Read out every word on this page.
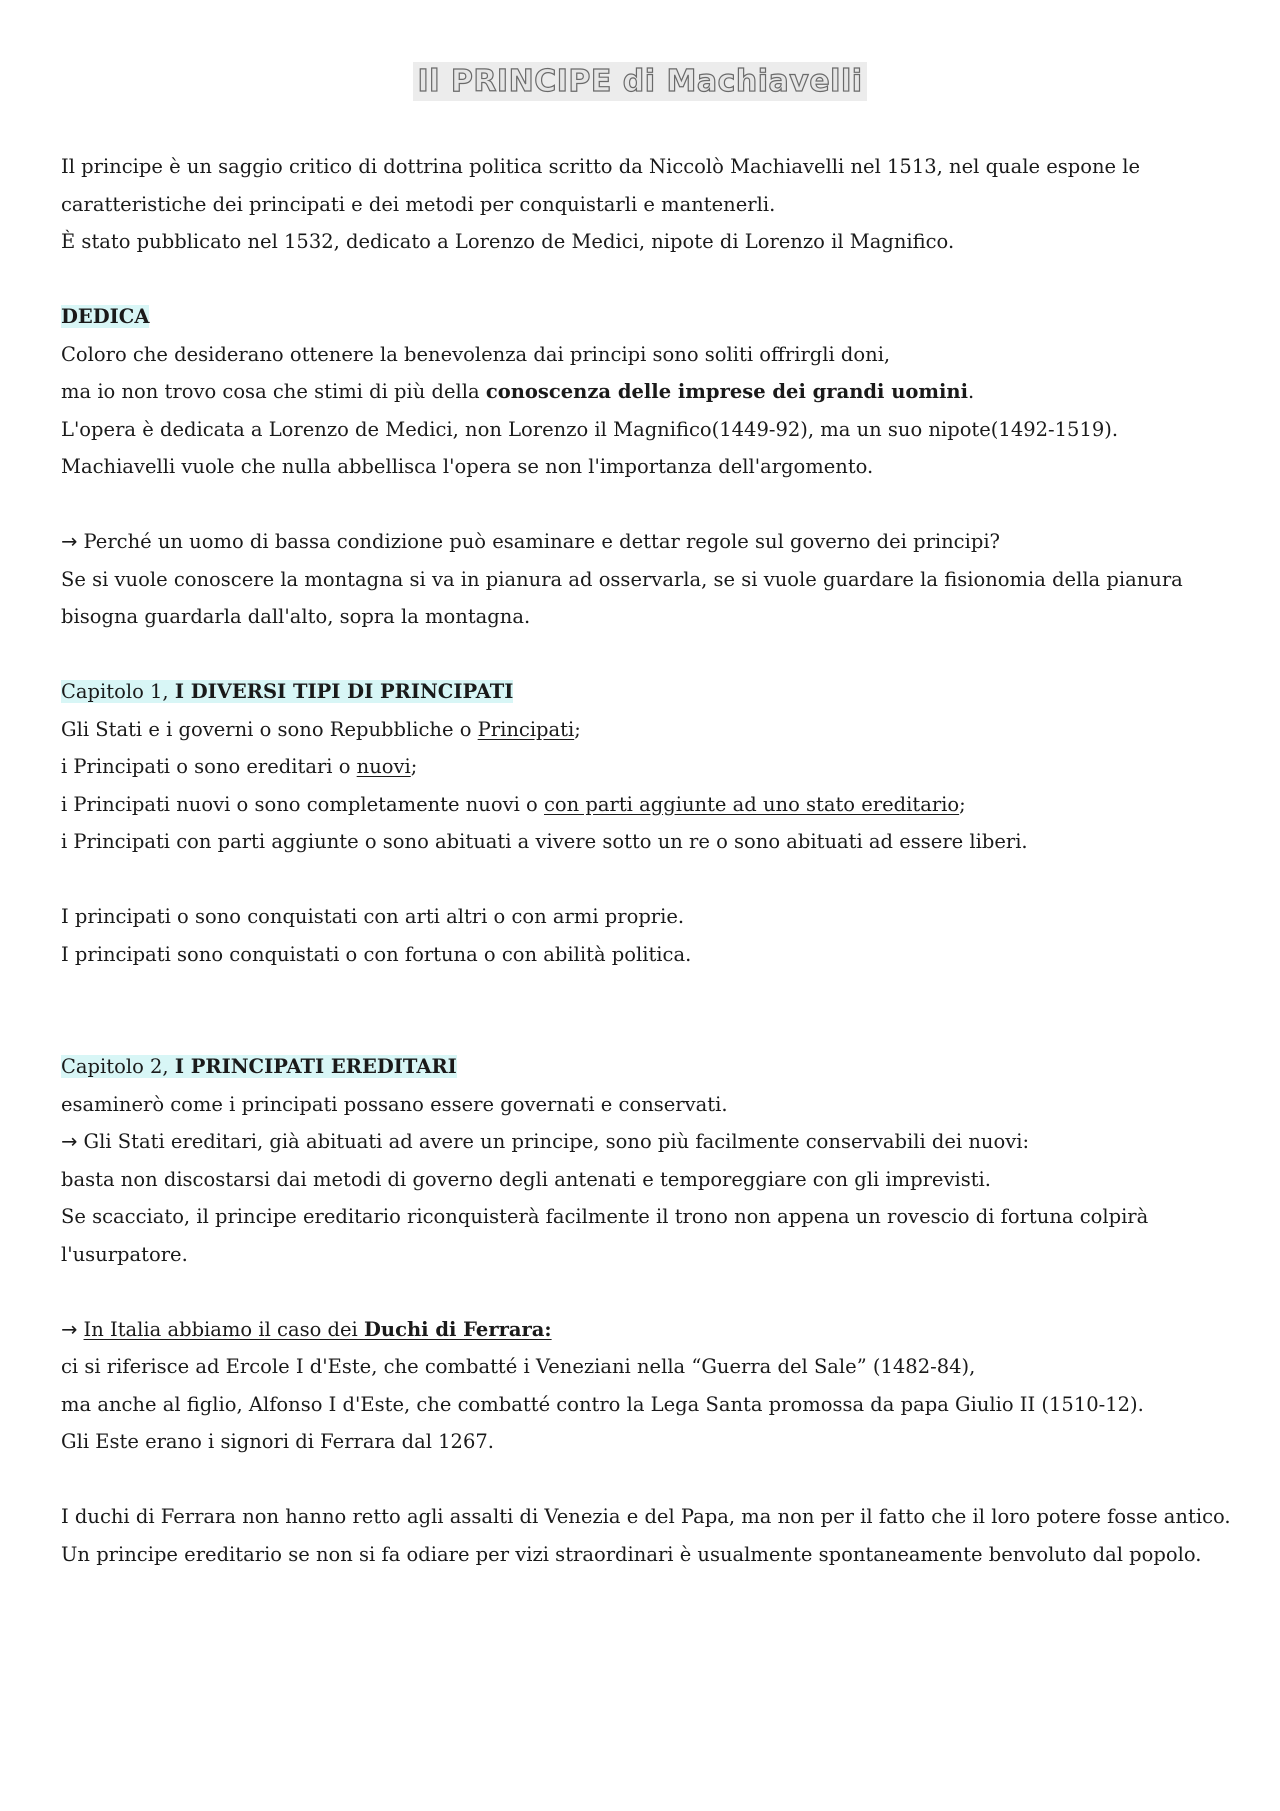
Il PRINCIPE di Machiavelli
Il principe è un saggio critico di dottrina politica scritto da Niccolò Machiavelli nel 1513, nel quale espone le
caratteristiche dei principati e dei metodi per conquistarli e mantenerli.
È stato pubblicato nel 1532, dedicato a Lorenzo de Medici, nipote di Lorenzo il Magnifico.
DEDICA
Coloro che desiderano ottenere la benevolenza dai principi sono soliti offrirgli doni,
ma io non trovo cosa che stimi di più della conoscenza delle imprese dei grandi uomini.
L'opera è dedicata a Lorenzo de Medici, non Lorenzo il Magnifico(1449-92), ma un suo nipote(1492-1519).
Machiavelli vuole che nulla abbellisca l'opera se non l'importanza dell'argomento.
→ Perché un uomo di bassa condizione può esaminare e dettar regole sul governo dei principi?
Se si vuole conoscere la montagna si va in pianura ad osservarla, se si vuole guardare la fisionomia della pianura
bisogna guardarla dall'alto, sopra la montagna.
Capitolo 1, I DIVERSI TIPI DI PRINCIPATI
Gli Stati e i governi o sono Repubbliche o Principati;
i Principati o sono ereditari o nuovi;
i Principati nuovi o sono completamente nuovi o con parti aggiunte ad uno stato ereditario;
i Principati con parti aggiunte o sono abituati a vivere sotto un re o sono abituati ad essere liberi.
I principati o sono conquistati con arti altri o con armi proprie.
I principati sono conquistati o con fortuna o con abilità politica.
Capitolo 2, I PRINCIPATI EREDITARI
esaminerò come i principati possano essere governati e conservati.
→ Gli Stati ereditari, già abituati ad avere un principe, sono più facilmente conservabili dei nuovi:
basta non discostarsi dai metodi di governo degli antenati e temporeggiare con gli imprevisti.
Se scacciato, il principe ereditario riconquisterà facilmente il trono non appena un rovescio di fortuna colpirà
l'usurpatore.
→ In Italia abbiamo il caso dei Duchi di Ferrara:
ci si riferisce ad Ercole I d'Este, che combatté i Veneziani nella “Guerra del Sale” (1482-84),
ma anche al figlio, Alfonso I d'Este, che combatté contro la Lega Santa promossa da papa Giulio II (1510-12).
Gli Este erano i signori di Ferrara dal 1267.
I duchi di Ferrara non hanno retto agli assalti di Venezia e del Papa, ma non per il fatto che il loro potere fosse antico.
Un principe ereditario se non si fa odiare per vizi straordinari è usualmente spontaneamente benvoluto dal popolo.
